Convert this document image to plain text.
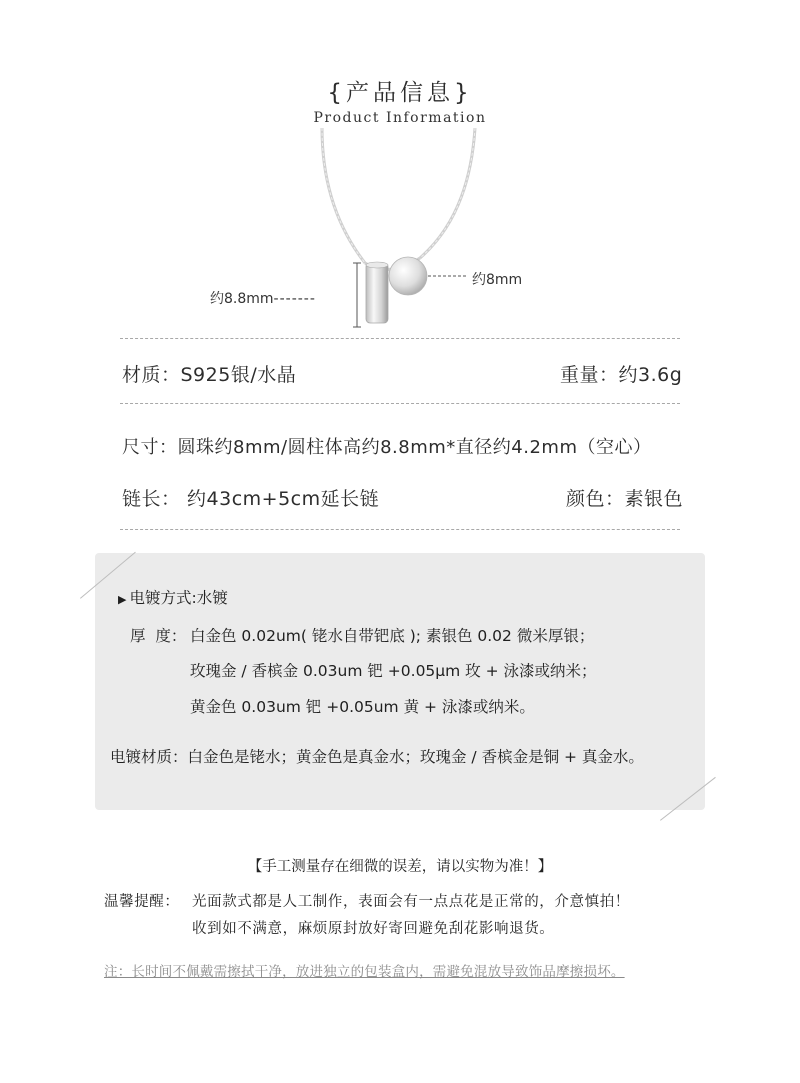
{产品信息}
Product Information
约8.8mm-------
约8mm
材质：S925银/水晶	重量：约3.6g
尺寸：圆珠约8mm/圆柱体高约8.8mm*直径约4.2mm（空心）
链长： 约43cm+5cm延长链	颜色：素银色
▶ 电镀方式:水镀
厚  度： 白金色 0.02um( 铑水自带钯底 ); 素银色 0.02 微米厚银；
玫瑰金 / 香槟金 0.03um 钯 +0.05μm 玫 + 泳漆或纳米；
黄金色 0.03um 钯 +0.05um 黄 + 泳漆或纳米。
电镀材质：白金色是铑水；黄金色是真金水；玫瑰金 / 香槟金是铜 + 真金水。
【手工测量存在细微的误差，请以实物为准！】
温馨提醒： 光面款式都是人工制作，表面会有一点点花是正常的，介意慎拍！
收到如不满意，麻烦原封放好寄回避免刮花影响退货。
注：长时间不佩戴需擦拭干净，放进独立的包装盒内，需避免混放导致饰品摩擦损坏。
